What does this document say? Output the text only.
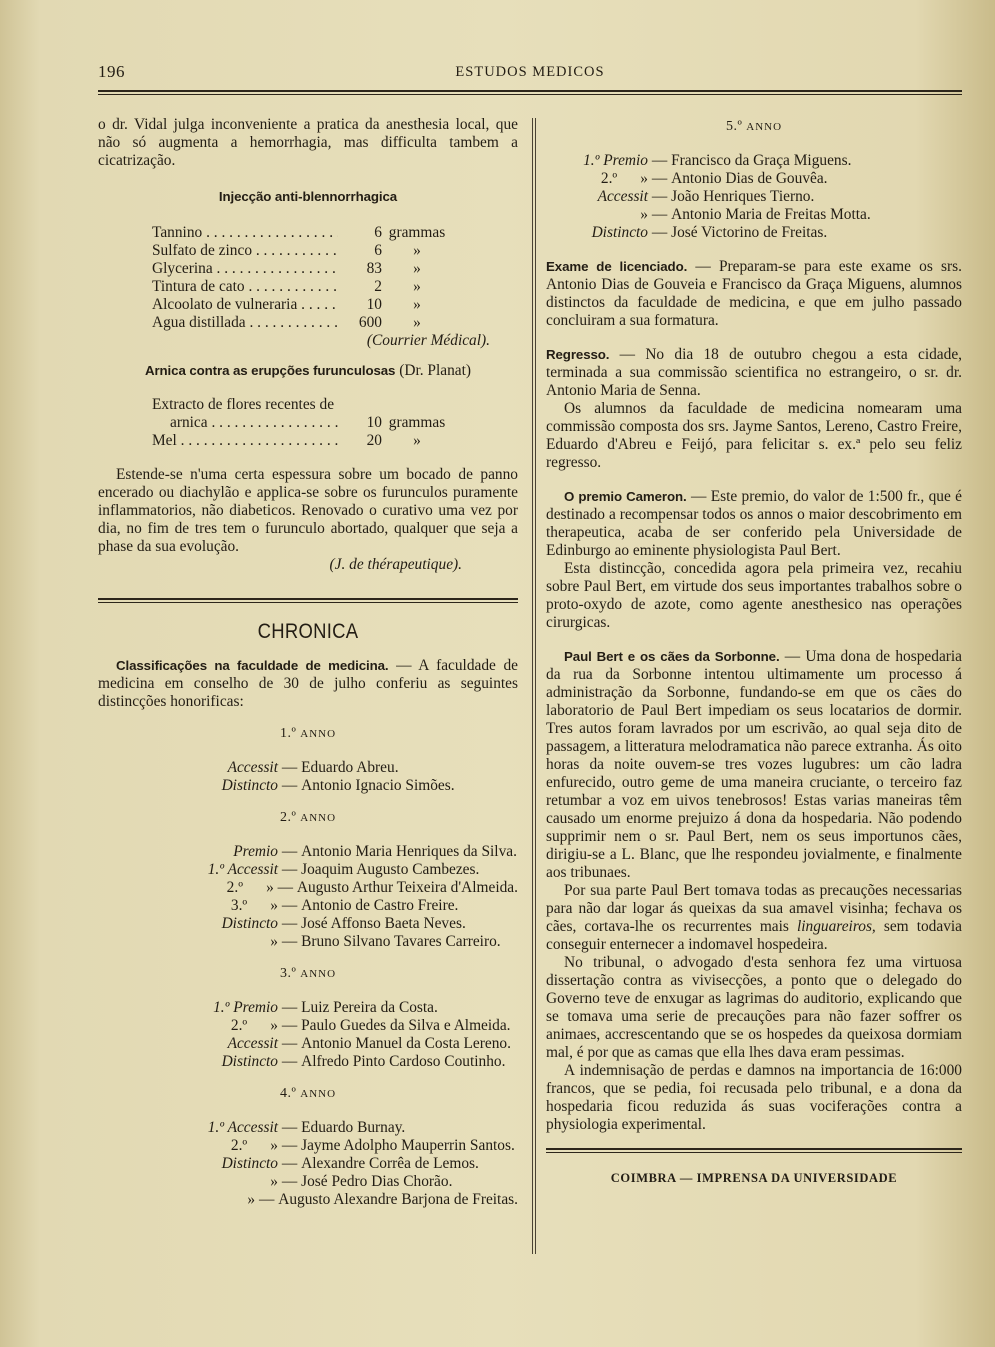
196	ESTUDOS MEDICOS

o dr. Vidal julga inconveniente a pratica da anesthesia local, que não só augmenta a hemorrhagia, mas difficulta tambem a cicatrização.

Injecção anti-blennorrhagica
Tannino . . .	6 grammas
Sulfato de zinco . . .	6	»
Glycerina . . .	83	»
Tintura de cato . . .	2	»
Alcoolato de vulneraria . . .	10	»
Agua distillada . . .	600	»
(Courrier Médical).
Arnica contra as erupções furunculosas (Dr. Planat)
Extracto de flores recentes de
arnica . . .	10 grammas
Mel . . .	20	»

Estende-se n'uma certa espessura sobre um bocado de panno encerado ou diachylão e applica-se sobre os furunculos puramente inflammatorios, não diabeticos. Renovado o curativo uma vez por dia, no fim de tres tem o furunculo abortado, qualquer que seja a phase da sua evolução.

(J. de thérapeutique).
CHRONICA

Classificações na faculdade de medicina. — A faculdade de medicina em conselho de 30 de julho conferiu as seguintes distincções honorificas:

1.º ANNO
Accessit — Eduardo Abreu.
Distincto — Antonio Ignacio Simões.
2.º ANNO
Premio — Antonio Maria Henriques da Silva.
1.º Accessit — Joaquim Augusto Cambezes.
2.º      » — Augusto Arthur Teixeira d'Almeida.
3.º      » — Antonio de Castro Freire.
Distincto — José Affonso Baeta Neves.
» — Bruno Silvano Tavares Carreiro.
3.º ANNO
1.º Premio — Luiz Pereira da Costa.
2.º      » — Paulo Guedes da Silva e Almeida.
Accessit — Antonio Manuel da Costa Lereno.
Distincto — Alfredo Pinto Cardoso Coutinho.
4.º ANNO
1.º Accessit — Eduardo Burnay.
2.º      » — Jayme Adolpho Mauperrin Santos.
Distincto — Alexandre Corrêa de Lemos.
» — José Pedro Dias Chorão.
» — Augusto Alexandre Barjona de Freitas.
5.º ANNO
1.º Premio — Francisco da Graça Miguens.
2.º      » — Antonio Dias de Gouvêa.
Accessit — João Henriques Tierno.
» — Antonio Maria de Freitas Motta.
Distincto — José Victorino de Freitas.

Exame de licenciado. — Preparam-se para este exame os srs. Antonio Dias de Gouveia e Francisco da Graça Miguens, alumnos distinctos da faculdade de medicina, e que em julho passado concluiram a sua formatura.

Regresso. — No dia 18 de outubro chegou a esta cidade, terminada a sua commissão scientifica no estrangeiro, o sr. dr. Antonio Maria de Senna.

Os alumnos da faculdade de medicina nomearam uma commissão composta dos srs. Jayme Santos, Lereno, Castro Freire, Eduardo d'Abreu e Feijó, para felicitar s. ex.ª pelo seu feliz regresso.

O premio Cameron. — Este premio, do valor de 1:500 fr., que é destinado a recompensar todos os annos o maior descobrimento em therapeutica, acaba de ser conferido pela Universidade de Edinburgo ao eminente physiologista Paul Bert.

Esta distincção, concedida agora pela primeira vez, recahiu sobre Paul Bert, em virtude dos seus importantes trabalhos sobre o proto-oxydo de azote, como agente anesthesico nas operações cirurgicas.

Paul Bert e os cães da Sorbonne. — Uma dona de hospedaria da rua da Sorbonne intentou ultimamente um processo á administração da Sorbonne, fundando-se em que os cães do laboratorio de Paul Bert impediam os seus locatarios de dormir. Tres autos foram lavrados por um escrivão, ao qual seja dito de passagem, a litteratura melodramatica não parece extranha. Ás oito horas da noite ouvem-se tres vozes lugubres: um cão ladra enfurecido, outro geme de uma maneira cruciante, o terceiro faz retumbar a voz em uivos tenebrosos! Estas varias maneiras têm causado um enorme prejuizo á dona da hospedaria. Não podendo supprimir nem o sr. Paul Bert, nem os seus importunos cães, dirigiu-se a L. Blanc, que lhe respondeu jovialmente, e finalmente aos tribunaes.

Por sua parte Paul Bert tomava todas as precauções necessarias para não dar logar ás queixas da sua amavel visinha; fechava os cães, cortava-lhe os recurrentes mais linguareiros, sem todavia conseguir enternecer a indomavel hospedeira.

No tribunal, o advogado d'esta senhora fez uma virtuosa dissertação contra as vivisecções, a ponto que o delegado do Governo teve de enxugar as lagrimas do auditorio, explicando que se tomava uma serie de precauções para não fazer soffrer os animaes, accrescentando que se os hospedes da queixosa dormiam mal, é por que as camas que ella lhes dava eram pessimas.

A indemnisação de perdas e damnos na importancia de 16:000 francos, que se pedia, foi recusada pelo tribunal, e a dona da hospedaria ficou reduzida ás suas vociferações contra a physiologia experimental.

COIMBRA — IMPRENSA DA UNIVERSIDADE
